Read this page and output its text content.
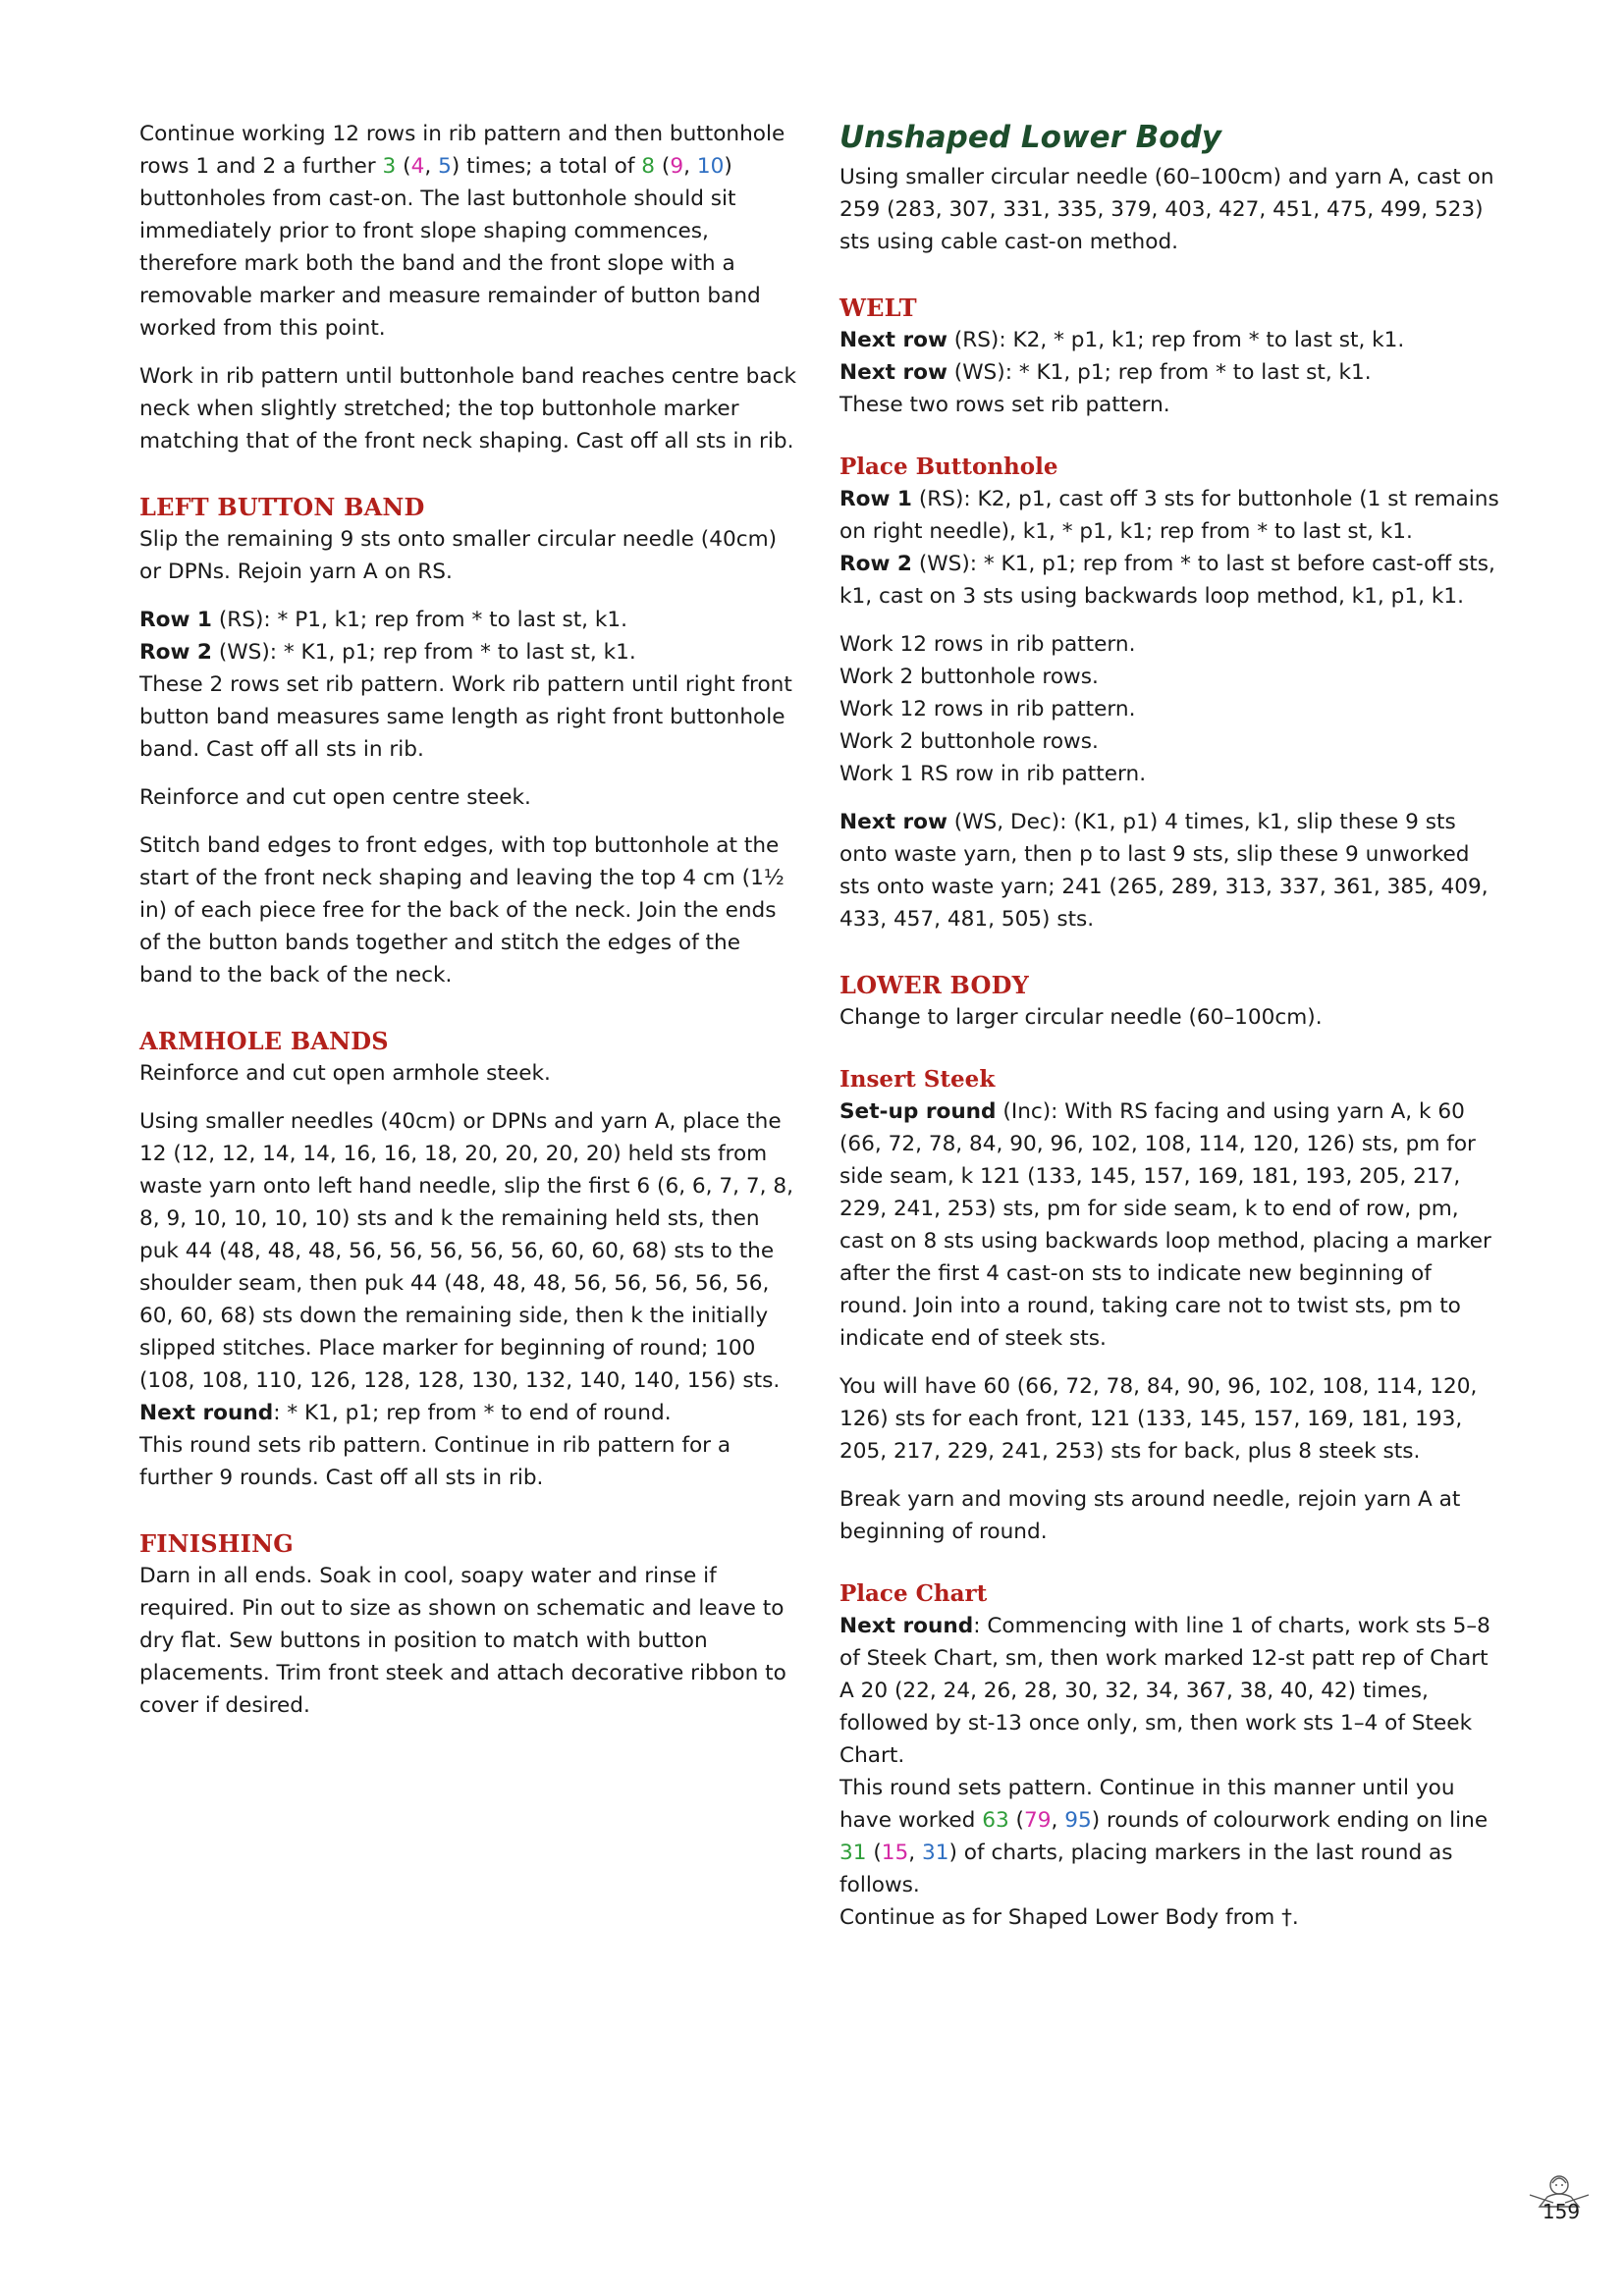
Continue working 12 rows in rib pattern and then buttonhole rows 1 and 2 a further 3 (4, 5) times; a total of 8 (9, 10) buttonholes from cast-on. The last buttonhole should sit immediately prior to front slope shaping commences, therefore mark both the band and the front slope with a removable marker and measure remainder of button band worked from this point.

Work in rib pattern until buttonhole band reaches centre back neck when slightly stretched; the top buttonhole marker matching that of the front neck shaping. Cast off all sts in rib.

LEFT BUTTON BAND

Slip the remaining 9 sts onto smaller circular needle (40cm) or DPNs. Rejoin yarn A on RS.

Row 1 (RS): * P1, k1; rep from * to last st, k1.

Row 2 (WS): * K1, p1; rep from * to last st, k1.

These 2 rows set rib pattern. Work rib pattern until right front button band measures same length as right front buttonhole band. Cast off all sts in rib.

Reinforce and cut open centre steek.

Stitch band edges to front edges, with top buttonhole at the start of the front neck shaping and leaving the top 4 cm (1½ in) of each piece free for the back of the neck. Join the ends of the button bands together and stitch the edges of the band to the back of the neck.

ARMHOLE BANDS

Reinforce and cut open armhole steek.

Using smaller needles (40cm) or DPNs and yarn A, place the 12 (12, 12, 14, 14, 16, 16, 18, 20, 20, 20, 20) held sts from waste yarn onto left hand needle, slip the first 6 (6, 6, 7, 7, 8, 8, 9, 10, 10, 10, 10) sts and k the remaining held sts, then puk 44 (48, 48, 48, 56, 56, 56, 56, 56, 60, 60, 68) sts to the shoulder seam, then puk 44 (48, 48, 48, 56, 56, 56, 56, 56, 60, 60, 68) sts down the remaining side, then k the initially slipped stitches. Place marker for beginning of round; 100 (108, 108, 110, 126, 128, 128, 130, 132, 140, 140, 156) sts.

Next round: * K1, p1; rep from * to end of round.

This round sets rib pattern. Continue in rib pattern for a further 9 rounds. Cast off all sts in rib.

FINISHING

Darn in all ends. Soak in cool, soapy water and rinse if required. Pin out to size as shown on schematic and leave to dry flat. Sew buttons in position to match with button placements. Trim front steek and attach decorative ribbon to cover if desired.

Unshaped Lower Body

Using smaller circular needle (60–100cm) and yarn A, cast on 259 (283, 307, 331, 335, 379, 403, 427, 451, 475, 499, 523) sts using cable cast-on method.

WELT

Next row (RS): K2, * p1, k1; rep from * to last st, k1.

Next row (WS): * K1, p1; rep from * to last st, k1.

These two rows set rib pattern.

Place Buttonhole

Row 1 (RS): K2, p1, cast off 3 sts for buttonhole (1 st remains on right needle), k1, * p1, k1; rep from * to last st, k1.

Row 2 (WS): * K1, p1; rep from * to last st before cast-off sts, k1, cast on 3 sts using backwards loop method, k1, p1, k1.

Work 12 rows in rib pattern.
Work 2 buttonhole rows.
Work 12 rows in rib pattern.
Work 2 buttonhole rows.
Work 1 RS row in rib pattern.

Next row (WS, Dec): (K1, p1) 4 times, k1, slip these 9 sts onto waste yarn, then p to last 9 sts, slip these 9 unworked sts onto waste yarn; 241 (265, 289, 313, 337, 361, 385, 409, 433, 457, 481, 505) sts.

LOWER BODY

Change to larger circular needle (60–100cm).

Insert Steek

Set-up round (Inc): With RS facing and using yarn A, k 60 (66, 72, 78, 84, 90, 96, 102, 108, 114, 120, 126) sts, pm for side seam, k 121 (133, 145, 157, 169, 181, 193, 205, 217, 229, 241, 253) sts, pm for side seam, k to end of row, pm, cast on 8 sts using backwards loop method, placing a marker after the first 4 cast-on sts to indicate new beginning of round. Join into a round, taking care not to twist sts, pm to indicate end of steek sts.

You will have 60 (66, 72, 78, 84, 90, 96, 102, 108, 114, 120, 126) sts for each front, 121 (133, 145, 157, 169, 181, 193, 205, 217, 229, 241, 253) sts for back, plus 8 steek sts.

Break yarn and moving sts around needle, rejoin yarn A at beginning of round.

Place Chart

Next round: Commencing with line 1 of charts, work sts 5–8 of Steek Chart, sm, then work marked 12-st patt rep of Chart A 20 (22, 24, 26, 28, 30, 32, 34, 367, 38, 40, 42) times, followed by st-13 once only, sm, then work sts 1–4 of Steek Chart.

This round sets pattern. Continue in this manner until you have worked 63 (79, 95) rounds of colourwork ending on line 31 (15, 31) of charts, placing markers in the last round as follows.

Continue as for Shaped Lower Body from †.

159
